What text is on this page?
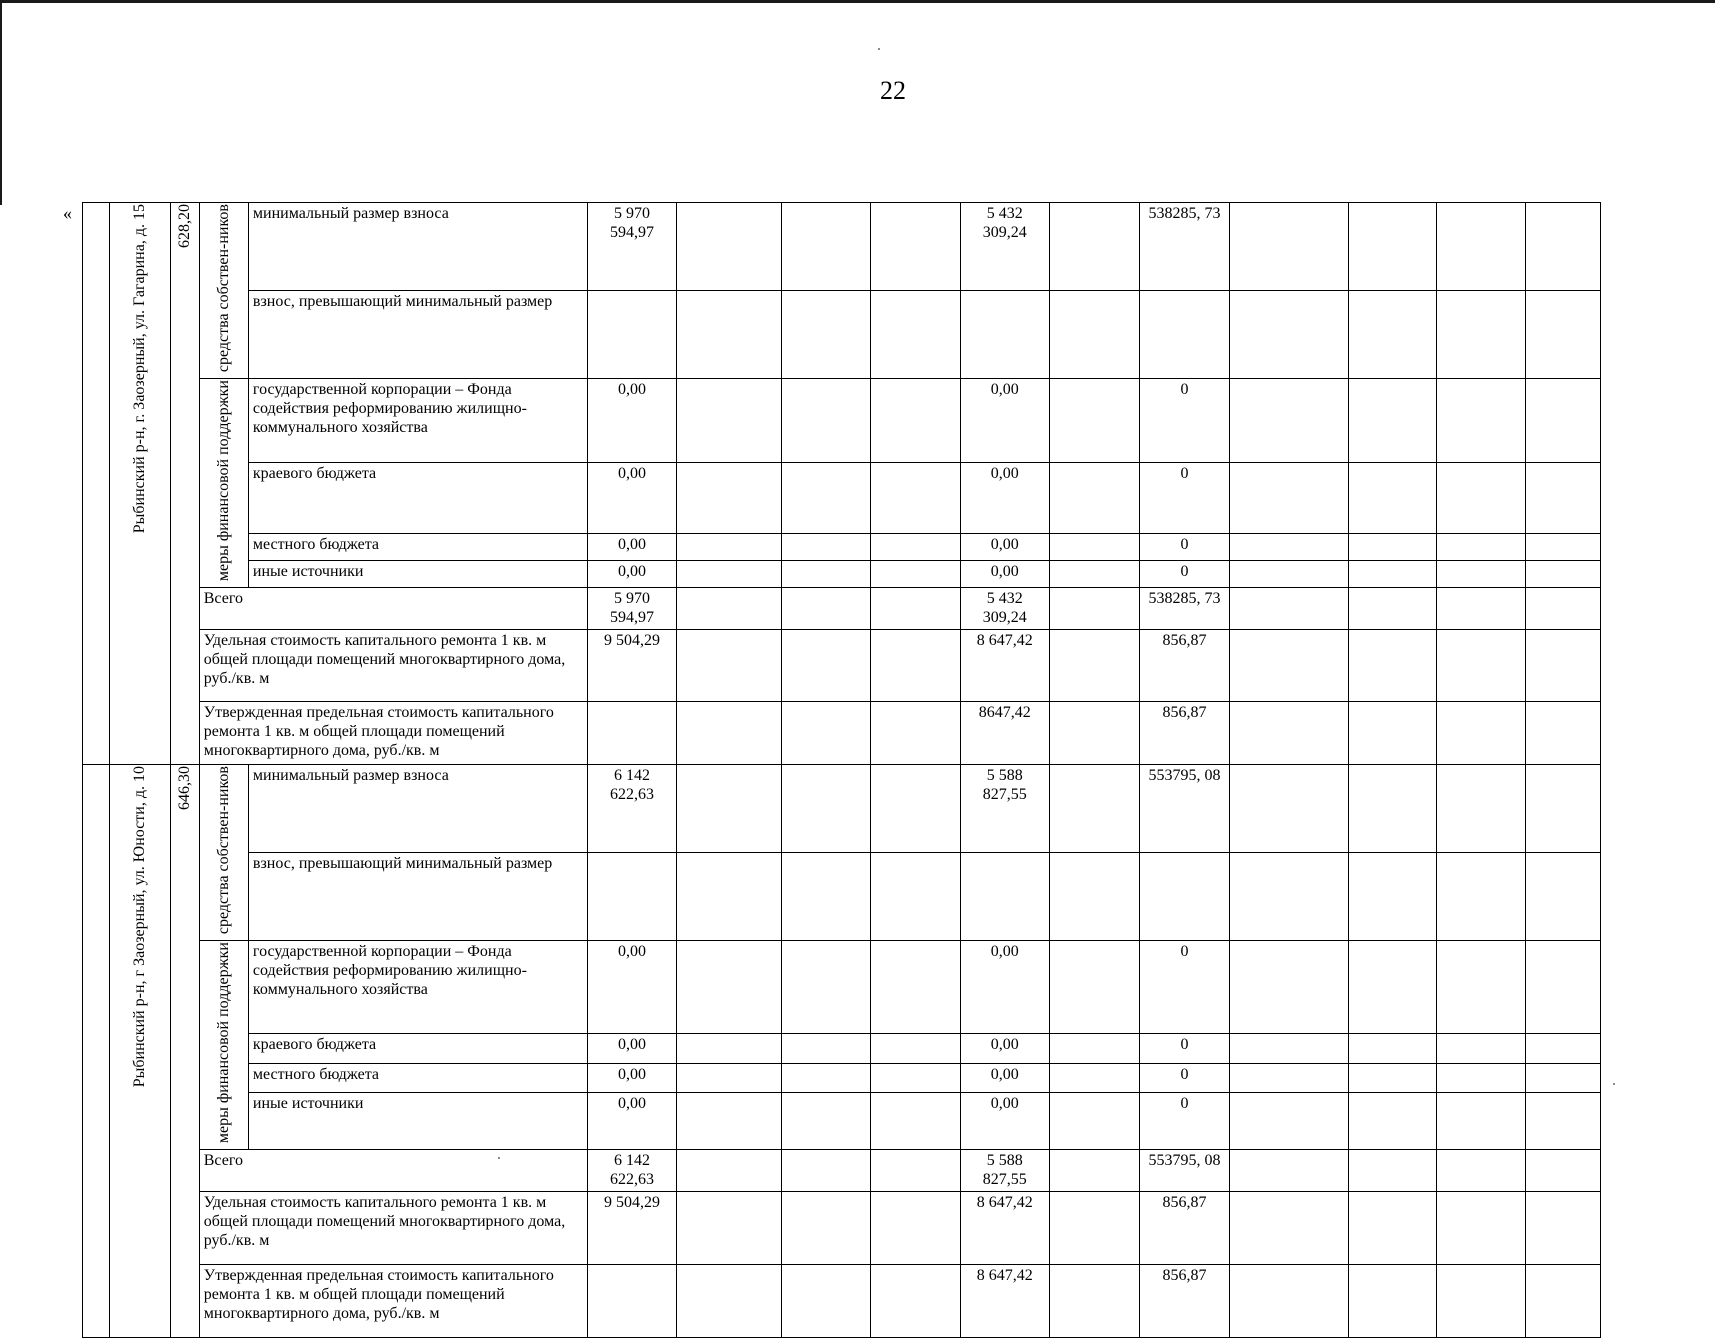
22
«
		Рыбинский р-н, г. Заозерный, ул. Гагарина, д. 15	628,20	средства собствен-ников	минимальный размер взноса	5 970 594,97				5 432 309,24		538285, 73				
				взнос, превышающий минимальный размер											
			меры финансовой поддержки	государственной корпорации – Фонда содействия реформированию жилищно-коммунального хозяйства	0,00				0,00		0				
				краевого бюджета	0,00				0,00		0				
				местного бюджета	0,00				0,00		0				
				иные источники	0,00				0,00		0				
			Всего		5 970 594,97				5 432 309,24		538285, 73				
			Удельная стоимость капитального ремонта 1 кв. м общей площади помещений многоквартирного дома, руб./кв. м		9 504,29				8 647,42		856,87				
			Утвержденная предельная стоимость капитального ремонта 1 кв. м общей площади помещений многоквартирного дома, руб./кв. м						8647,42		856,87				
	Рыбинский р-н, г Заозерный, ул. Юности, д. 10	646,30	средства собствен-ников	минимальный размер взноса	6 142 622,63				5 588 827,55		553795, 08				
				взнос, превышающий минимальный размер											
			меры финансовой поддержки	государственной корпорации – Фонда содействия реформированию жилищно-коммунального хозяйства	0,00				0,00		0				
				краевого бюджета	0,00				0,00		0				
				местного бюджета	0,00				0,00		0				
				иные источники	0,00				0,00		0				
			Всего		6 142 622,63				5 588 827,55		553795, 08				
			Удельная стоимость капитального ремонта 1 кв. м общей площади помещений многоквартирного дома, руб./кв. м		9 504,29				8 647,42		856,87				
			Утвержденная предельная стоимость капитального ремонта 1 кв. м общей площади помещений многоквартирного дома, руб./кв. м						8 647,42		856,87				
